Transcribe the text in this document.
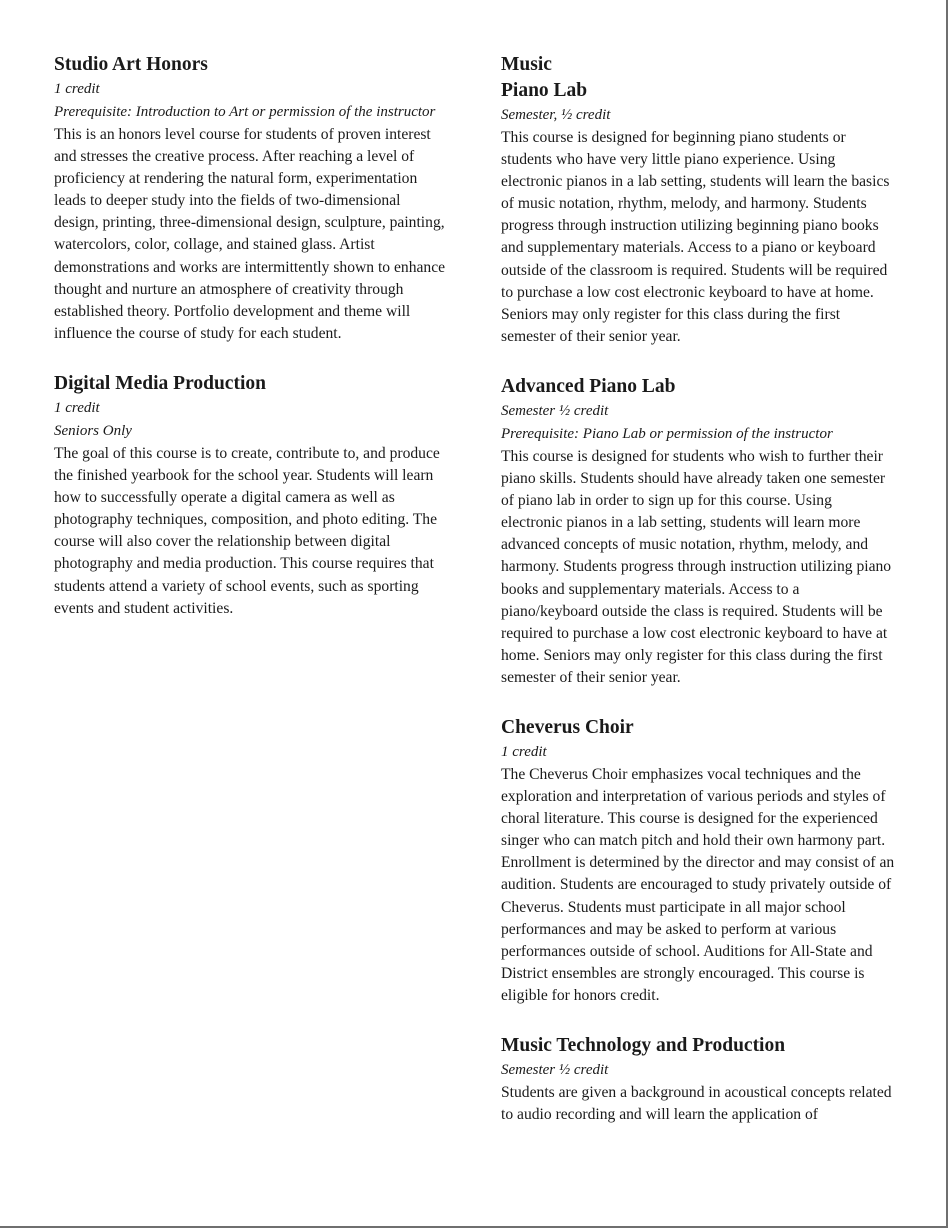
Studio Art Honors

1 credit

Prerequisite: Introduction to Art or permission of the instructor

This is an honors level course for students of proven interest and stresses the creative process. After reaching a level of proficiency at rendering the natural form, experimentation leads to deeper study into the fields of two-dimensional design, printing, three-dimensional design, sculpture, painting, watercolors, color, collage, and stained glass. Artist demonstrations and works are intermittently shown to enhance thought and nurture an atmosphere of creativity through established theory. Portfolio development and theme will influence the course of study for each student.

Digital Media Production

1 credit

Seniors Only

The goal of this course is to create, contribute to, and produce the finished yearbook for the school year. Students will learn how to successfully operate a digital camera as well as photography techniques, composition, and photo editing. The course will also cover the relationship between digital photography and media production. This course requires that students attend a variety of school events, such as sporting events and student activities.

Music
Piano Lab

Semester, ½ credit

This course is designed for beginning piano students or students who have very little piano experience. Using electronic pianos in a lab setting, students will learn the basics of music notation, rhythm, melody, and harmony. Students progress through instruction utilizing beginning piano books and supplementary materials. Access to a piano or keyboard outside of the classroom is required. Students will be required to purchase a low cost electronic keyboard to have at home. Seniors may only register for this class during the first semester of their senior year.

Advanced Piano Lab

Semester ½ credit

Prerequisite: Piano Lab or permission of the instructor

This course is designed for students who wish to further their piano skills. Students should have already taken one semester of piano lab in order to sign up for this course. Using electronic pianos in a lab setting, students will learn more advanced concepts of music notation, rhythm, melody, and harmony. Students progress through instruction utilizing piano books and supplementary materials. Access to a piano/keyboard outside the class is required. Students will be required to purchase a low cost electronic keyboard to have at home. Seniors may only register for this class during the first semester of their senior year.

Cheverus Choir

1 credit

The Cheverus Choir emphasizes vocal techniques and the exploration and interpretation of various periods and styles of choral literature. This course is designed for the experienced singer who can match pitch and hold their own harmony part. Enrollment is determined by the director and may consist of an audition. Students are encouraged to study privately outside of Cheverus. Students must participate in all major school performances and may be asked to perform at various performances outside of school. Auditions for All-State and District ensembles are strongly encouraged. This course is eligible for honors credit.

Music Technology and Production

Semester ½ credit

Students are given a background in acoustical concepts related to audio recording and will learn the application of
